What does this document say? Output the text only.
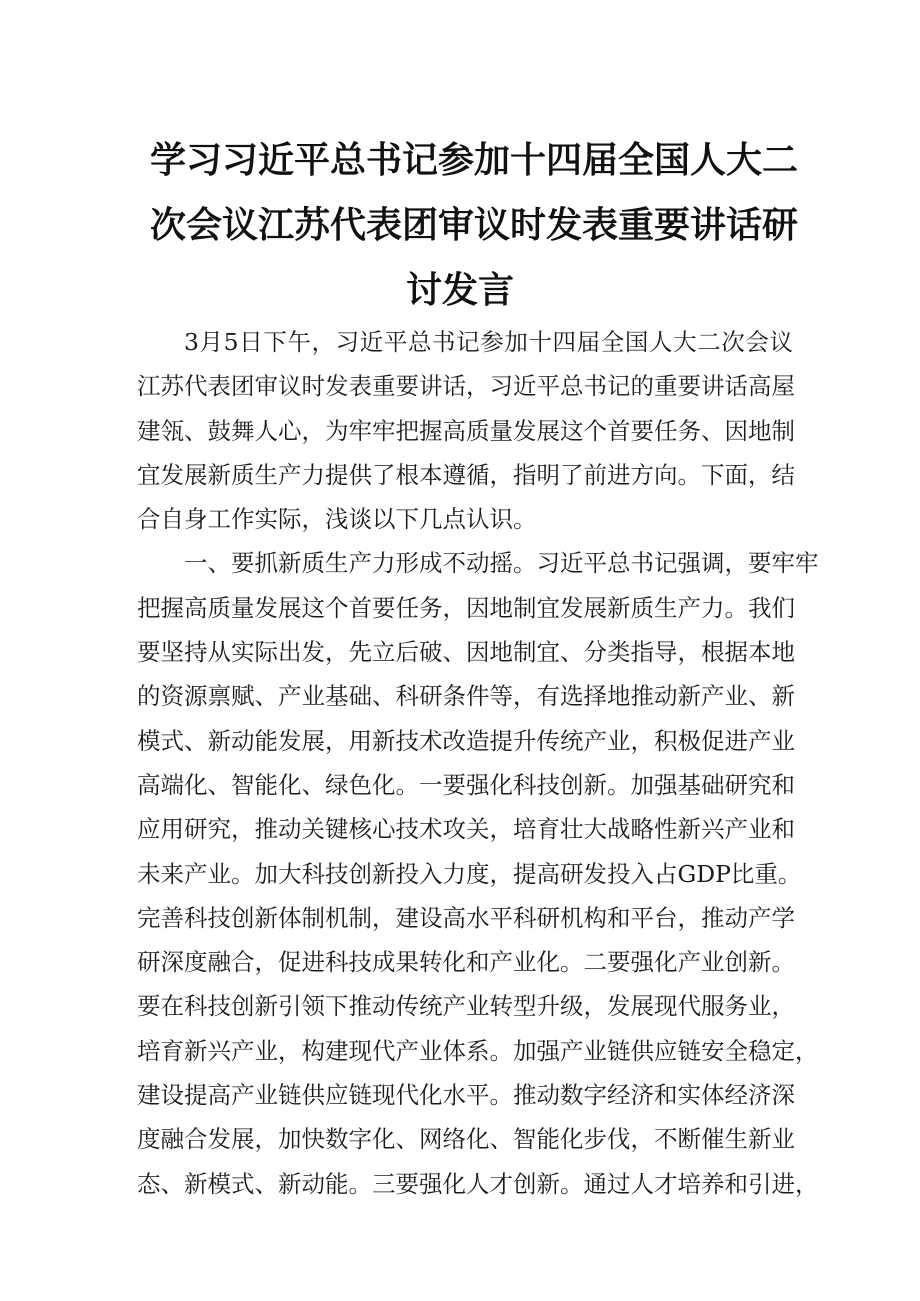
学习习近平总书记参加十四届全国人大二
次会议江苏代表团审议时发表重要讲话研
讨发言
3月5日下午，习近平总书记参加十四届全国人大二次会议
江苏代表团审议时发表重要讲话，习近平总书记的重要讲话高屋
建瓴、鼓舞人心，为牢牢把握高质量发展这个首要任务、因地制
宜发展新质生产力提供了根本遵循，指明了前进方向。下面，结
合自身工作实际，浅谈以下几点认识。
一、要抓新质生产力形成不动摇。习近平总书记强调，要牢牢
把握高质量发展这个首要任务，因地制宜发展新质生产力。我们
要坚持从实际出发，先立后破、因地制宜、分类指导，根据本地
的资源禀赋、产业基础、科研条件等，有选择地推动新产业、新
模式、新动能发展，用新技术改造提升传统产业，积极促进产业
高端化、智能化、绿色化。一要强化科技创新。加强基础研究和
应用研究，推动关键核心技术攻关，培育壮大战略性新兴产业和
未来产业。加大科技创新投入力度，提高研发投入占GDP比重。
完善科技创新体制机制，建设高水平科研机构和平台，推动产学
研深度融合，促进科技成果转化和产业化。二要强化产业创新。
要在科技创新引领下推动传统产业转型升级，发展现代服务业，
培育新兴产业，构建现代产业体系。加强产业链供应链安全稳定，
建设提高产业链供应链现代化水平。推动数字经济和实体经济深
度融合发展，加快数字化、网络化、智能化步伐，不断催生新业
态、新模式、新动能。三要强化人才创新。通过人才培养和引进，
